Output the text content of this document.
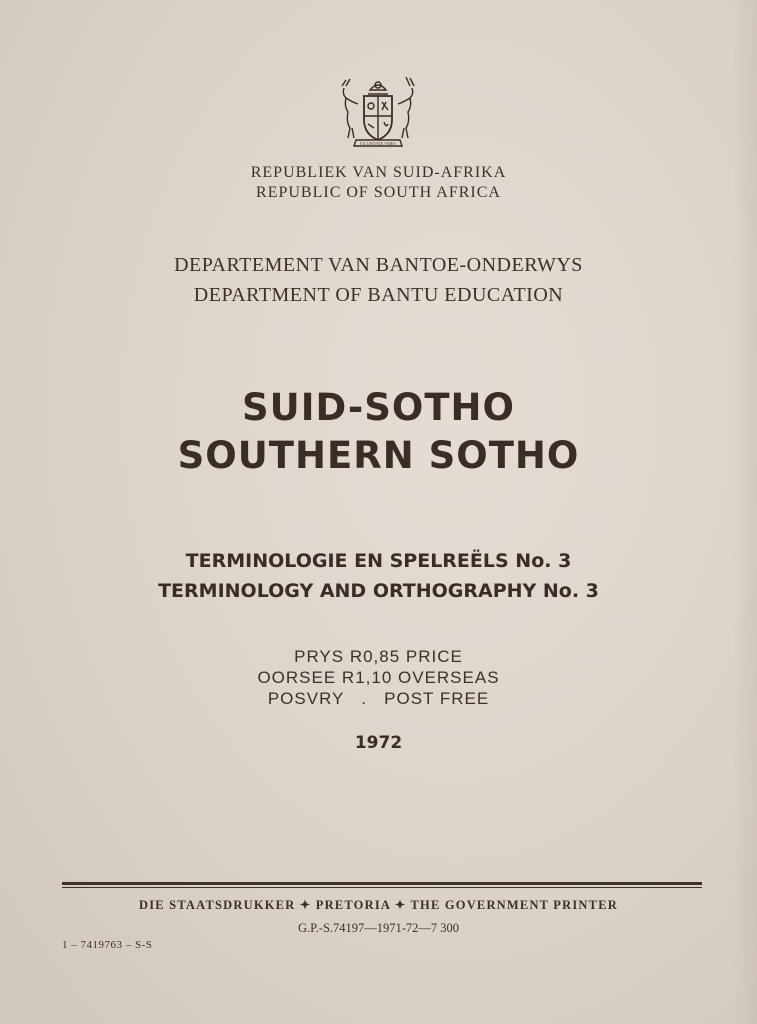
EX UNITATE VIRES
REPUBLIEK VAN SUID-AFRIKA
REPUBLIC OF SOUTH AFRICA
DEPARTEMENT VAN BANTOE-ONDERWYS
DEPARTMENT OF BANTU EDUCATION
SUID-SOTHO
SOUTHERN SOTHO
TERMINOLOGIE EN SPELREËLS No. 3
TERMINOLOGY AND ORTHOGRAPHY No. 3
PRYS R0,85 PRICE
OORSEE R1,10 OVERSEAS
POSVRY   .   POST FREE
1972
DIE STAATSDRUKKER ✦ PRETORIA ✦ THE GOVERNMENT PRINTER
G.P.-S.74197—1971-72—7 300
1 – 7419763 – S-S
